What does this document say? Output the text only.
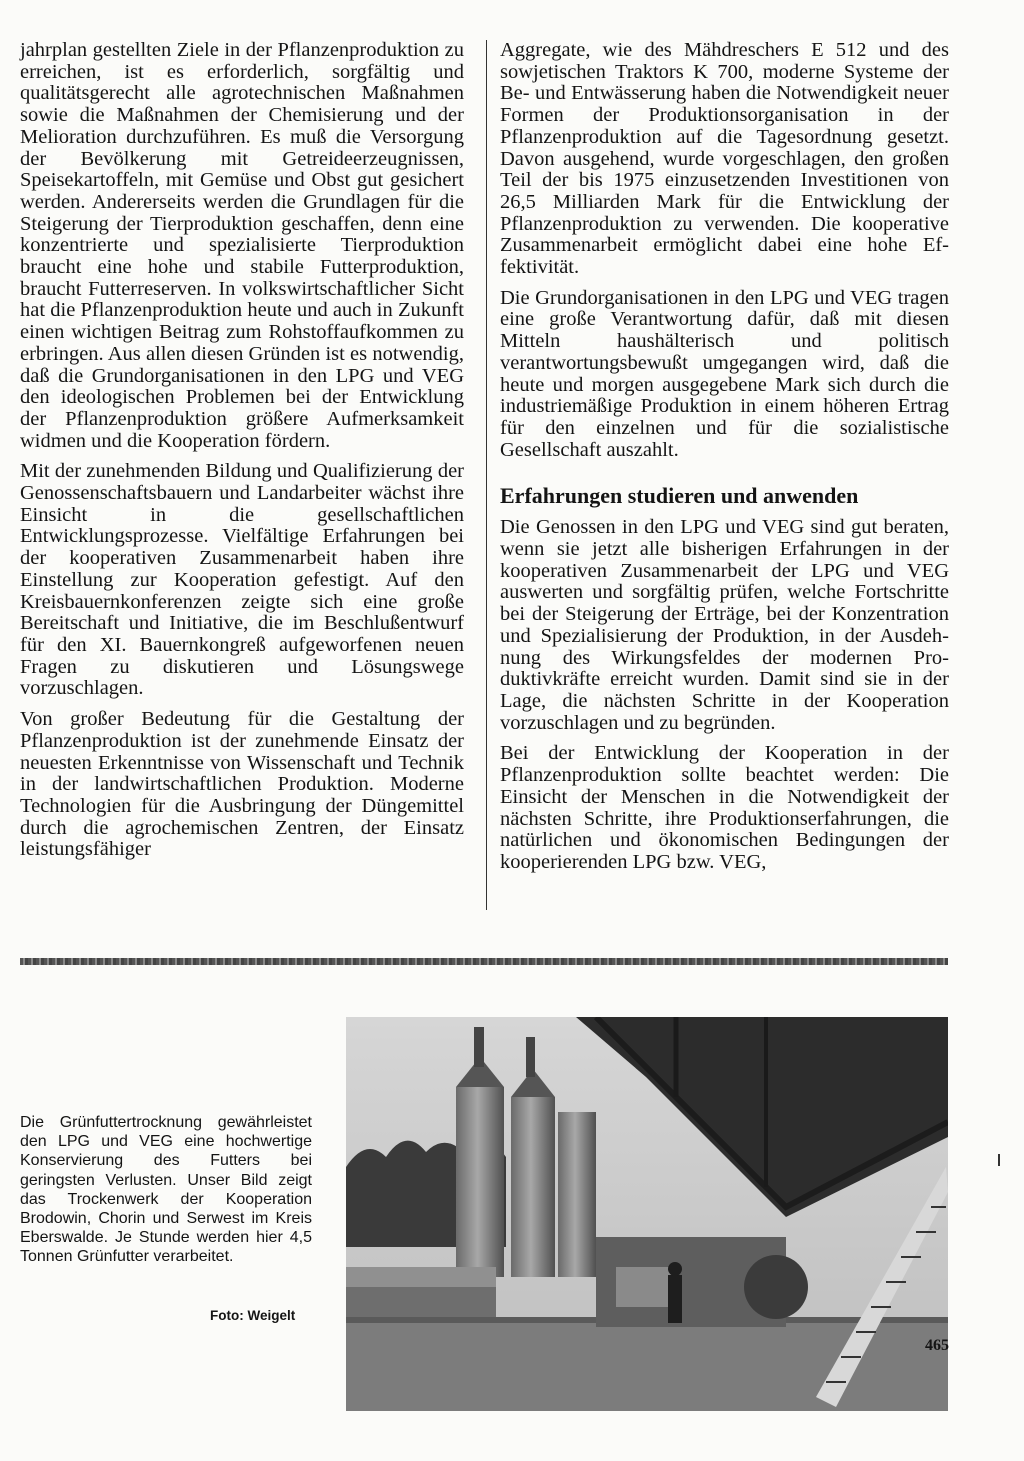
jahrplan gestellten Ziele in der Pflanzenproduktion zu erreichen, ist es erforderlich, sorgfältig und qualitätsgerecht alle agrotechnischen Maßnahmen sowie die Maßnahmen der Chemisierung und der Melioration durchzuführen. Es muß die Versorgung der Bevölkerung mit Getreideerzeugnissen, Speisekartoffeln, mit Gemüse und Obst gut gesichert werden. Andererseits werden die Grundlagen für die Steigerung der Tierproduktion geschaffen, denn eine konzentrierte und spezialisierte Tierproduktion braucht eine hohe und stabile Futterproduktion, braucht Futterreserven. In volkswirtschaftlicher Sicht hat die Pflanzenproduktion heute und auch in Zukunft einen wichtigen Beitrag zum Rohstoffaufkommen zu erbringen. Aus allen diesen Gründen ist es notwendig, daß die Grundorganisationen in den LPG und VEG den ideologischen Problemen bei der Entwicklung der Pflanzenproduktion größere Aufmerksamkeit widmen und die Kooperation fördern.

Mit der zunehmenden Bildung und Qualifizierung der Genossenschaftsbauern und Landarbeiter wächst ihre Einsicht in die gesellschaftlichen Entwicklungsprozesse. Vielfältige Erfahrungen bei der kooperativen Zusammenarbeit haben ihre Einstellung zur Kooperation gefestigt. Auf den Kreisbauernkonferenzen zeigte sich eine große Bereitschaft und Initiative, die im Beschlußentwurf für den XI. Bauernkongreß aufgeworfenen neuen Fragen zu diskutieren und Lösungswege vorzuschlagen.

Von großer Bedeutung für die Gestaltung der Pflanzenproduktion ist der zunehmende Einsatz der neuesten Erkenntnisse von Wissenschaft und Technik in der landwirtschaftlichen Produktion. Moderne Technologien für die Ausbringung der Düngemittel durch die agrochemischen Zentren, der Einsatz leistungsfähiger

Aggregate, wie des Mähdreschers E 512 und des sowjetischen Traktors K 700, moderne Systeme der Be- und Entwässerung haben die Notwendigkeit neuer Formen der Produktionsorganisation in der Pflanzenproduktion auf die Tagesordnung gesetzt. Davon ausgehend, wurde vorgeschlagen, den großen Teil der bis 1975 einzusetzenden Investitionen von 26,5 Milliarden Mark für die Entwicklung der Pflanzenproduktion zu verwenden. Die kooperative Zusammenarbeit ermöglicht dabei eine hohe Effektivität.

Die Grundorganisationen in den LPG und VEG tragen eine große Verantwortung dafür, daß mit diesen Mitteln haushälterisch und politisch verantwortungsbewußt umgegangen wird, daß die heute und morgen ausgegebene Mark sich durch die industriemäßige Produktion in einem höheren Ertrag für den einzelnen und für die sozialistische Gesellschaft auszahlt.

Erfahrungen studieren und anwenden

Die Genossen in den LPG und VEG sind gut beraten, wenn sie jetzt alle bisherigen Erfahrungen in der kooperativen Zusammenarbeit der LPG und VEG auswerten und sorgfältig prüfen, welche Fortschritte bei der Steigerung der Erträge, bei der Konzentration und Spezialisierung der Produktion, in der Ausdehnung des Wirkungsfeldes der modernen Produktivkräfte erreicht wurden. Damit sind sie in der Lage, die nächsten Schritte in der Kooperation vorzuschlagen und zu begründen.

Bei der Entwicklung der Kooperation in der Pflanzenproduktion sollte beachtet werden: Die Einsicht der Menschen in die Notwendigkeit der nächsten Schritte, ihre Produktionserfahrungen, die natürlichen und ökonomischen Bedingungen der kooperierenden LPG bzw. VEG,

Die Grünfuttertrocknung gewährleistet den LPG und VEG eine hochwertige Konservierung des Futters bei geringsten Verlusten. Unser Bild zeigt das Trockenwerk der Kooperation Brodowin, Chorin und Serwest im Kreis Eberswalde. Je Stunde werden hier 4,5 Tonnen Grünfutter verarbeitet.
Foto: Weigelt
465
